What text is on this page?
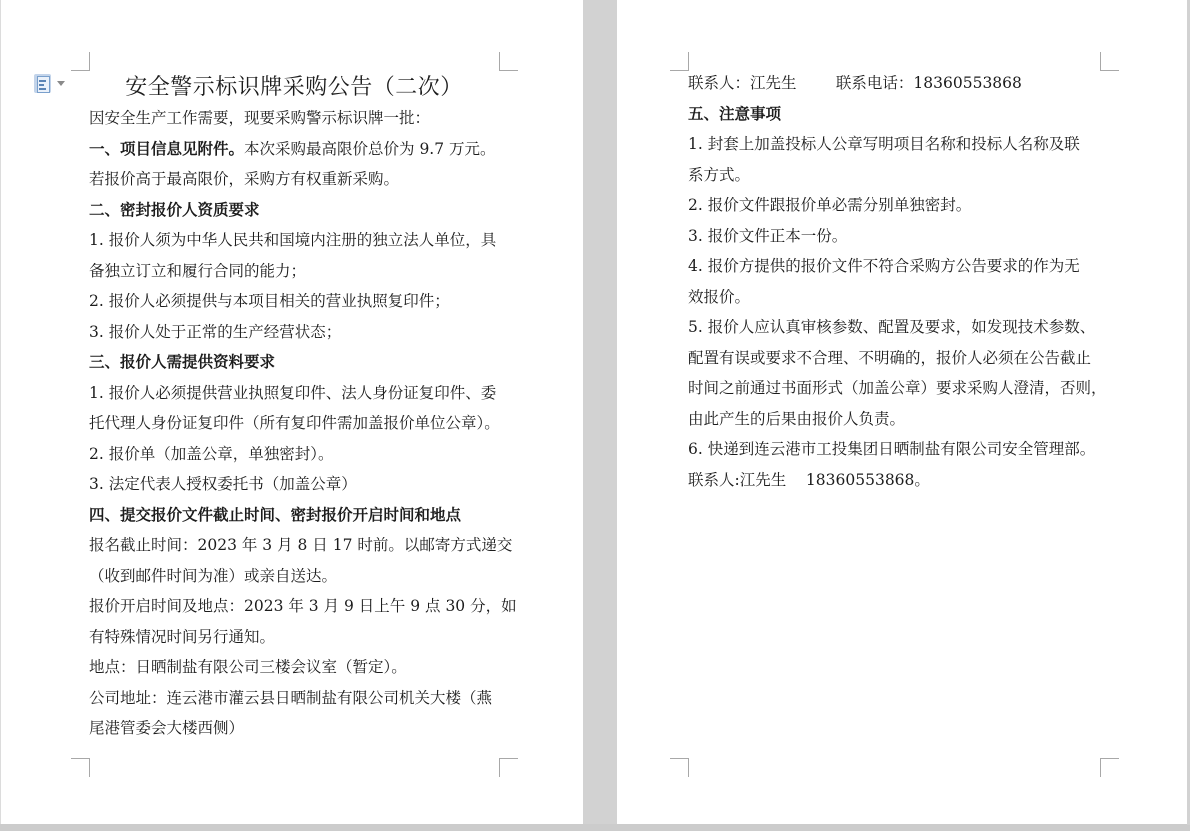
安全警示标识牌采购公告（二次）
因安全生产工作需要，现要采购警示标识牌一批：
一、项目信息见附件。本次采购最高限价总价为 9.7 万元。
若报价高于最高限价，采购方有权重新采购。
二、密封报价人资质要求
1. 报价人须为中华人民共和国境内注册的独立法人单位，具
备独立订立和履行合同的能力；
2. 报价人必须提供与本项目相关的营业执照复印件；
3. 报价人处于正常的生产经营状态；
三、报价人需提供资料要求
1. 报价人必须提供营业执照复印件、法人身份证复印件、委
托代理人身份证复印件（所有复印件需加盖报价单位公章）。
2. 报价单（加盖公章，单独密封）。
3. 法定代表人授权委托书（加盖公章）
四、提交报价文件截止时间、密封报价开启时间和地点
报名截止时间：2023 年 3 月 8 日 17 时前。以邮寄方式递交
（收到邮件时间为准）或亲自送达。
报价开启时间及地点：2023 年 3 月 9 日上午 9 点 30 分，如
有特殊情况时间另行通知。
地点：日晒制盐有限公司三楼会议室（暂定）。
公司地址：连云港市灌云县日晒制盐有限公司机关大楼（燕
尾港管委会大楼西侧）
联系人：江先生        联系电话：18360553868
五、注意事项
1. 封套上加盖投标人公章写明项目名称和投标人名称及联
系方式。
2. 报价文件跟报价单必需分别单独密封。
3. 报价文件正本一份。
4. 报价方提供的报价文件不符合采购方公告要求的作为无
效报价。
5. 报价人应认真审核参数、配置及要求，如发现技术参数、
配置有误或要求不合理、不明确的，报价人必须在公告截止
时间之前通过书面形式（加盖公章）要求采购人澄清，否则，
由此产生的后果由报价人负责。
6. 快递到连云港市工投集团日晒制盐有限公司安全管理部。
联系人:江先生    18360553868。
